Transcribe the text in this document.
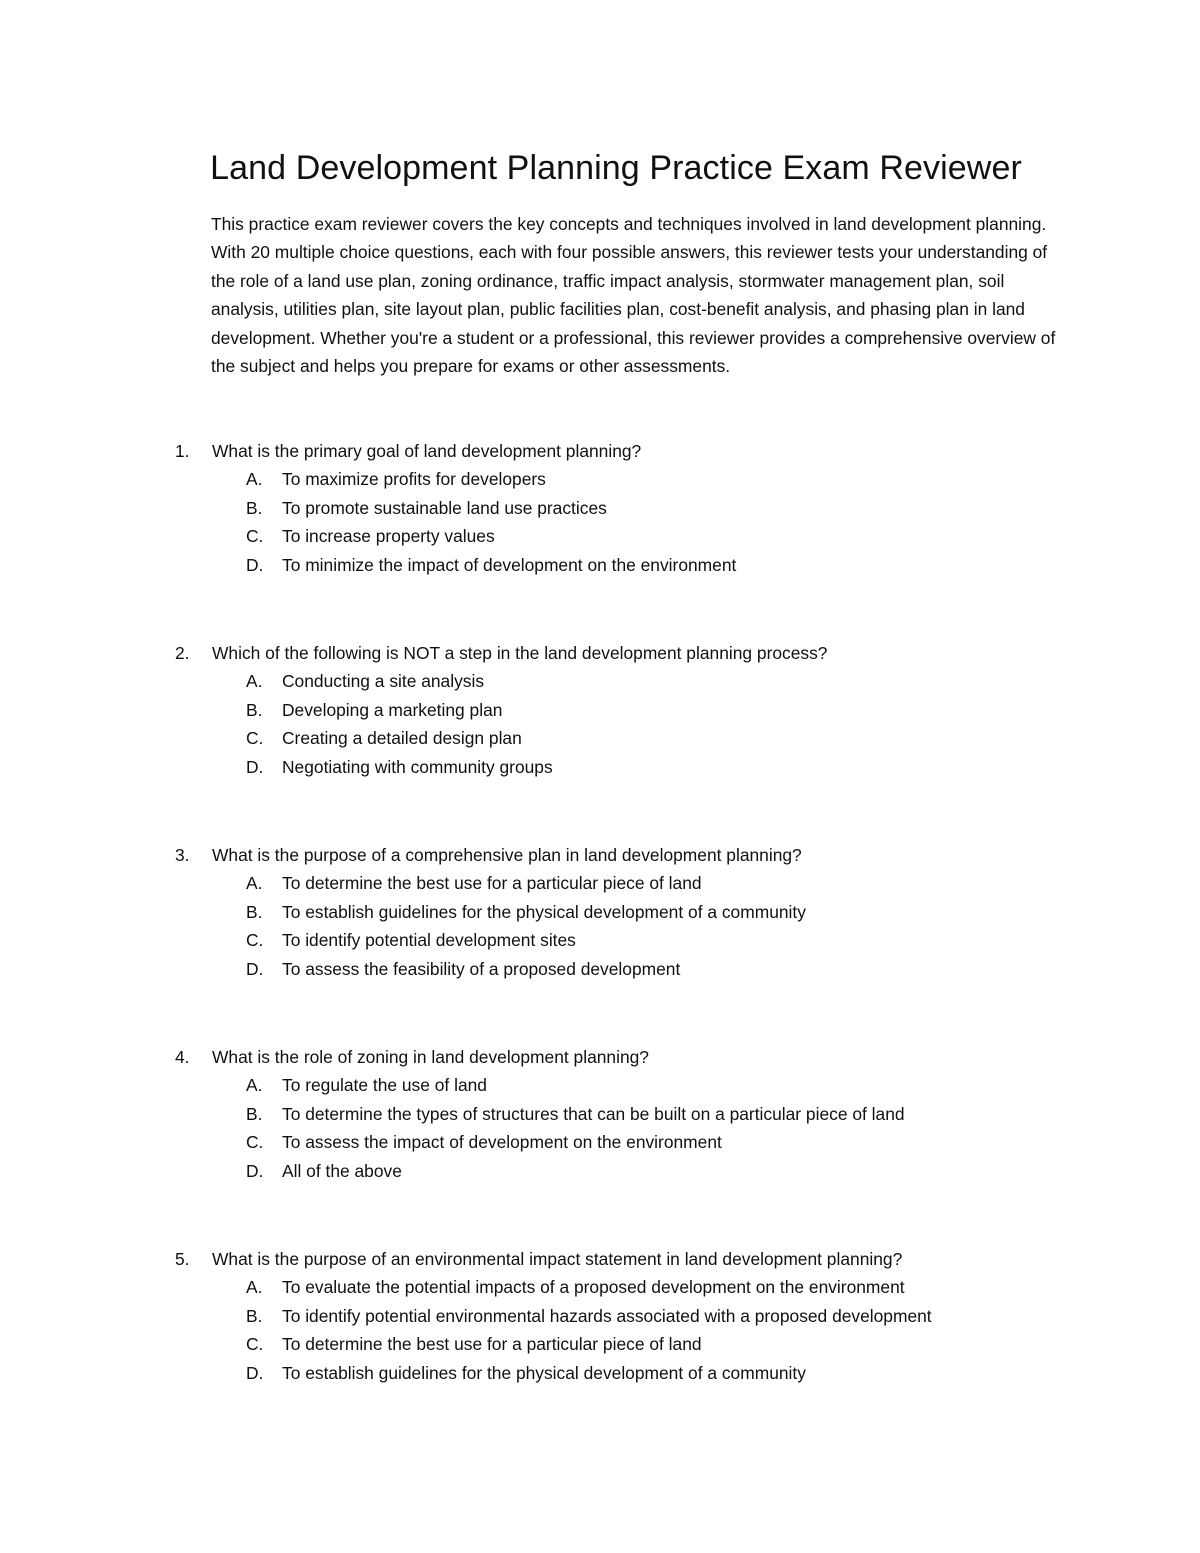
Land Development Planning Practice Exam Reviewer

This practice exam reviewer covers the key concepts and techniques involved in land development planning. With 20 multiple choice questions, each with four possible answers, this reviewer tests your understanding of the role of a land use plan, zoning ordinance, traffic impact analysis, stormwater management plan, soil analysis, utilities plan, site layout plan, public facilities plan, cost-benefit analysis, and phasing plan in land development. Whether you're a student or a professional, this reviewer provides a comprehensive overview of the subject and helps you prepare for exams or other assessments.

1. What is the primary goal of land development planning?
A. To maximize profits for developers
B. To promote sustainable land use practices
C. To increase property values
D. To minimize the impact of development on the environment
2. Which of the following is NOT a step in the land development planning process?
A. Conducting a site analysis
B. Developing a marketing plan
C. Creating a detailed design plan
D. Negotiating with community groups
3. What is the purpose of a comprehensive plan in land development planning?
A. To determine the best use for a particular piece of land
B. To establish guidelines for the physical development of a community
C. To identify potential development sites
D. To assess the feasibility of a proposed development
4. What is the role of zoning in land development planning?
A. To regulate the use of land
B. To determine the types of structures that can be built on a particular piece of land
C. To assess the impact of development on the environment
D. All of the above
5. What is the purpose of an environmental impact statement in land development planning?
A. To evaluate the potential impacts of a proposed development on the environment
B. To identify potential environmental hazards associated with a proposed development
C. To determine the best use for a particular piece of land
D. To establish guidelines for the physical development of a community
